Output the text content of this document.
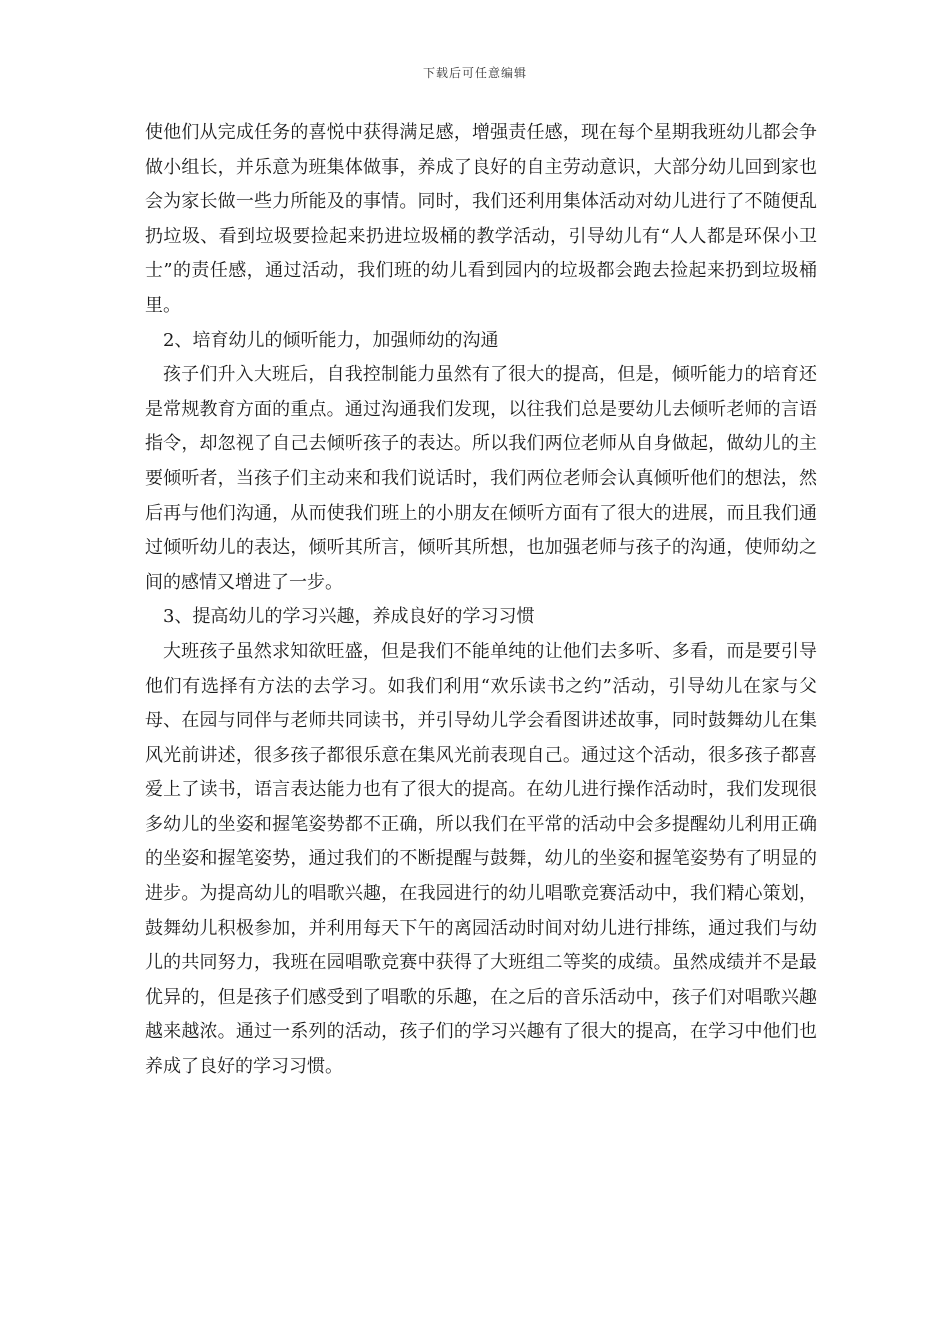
下载后可任意编辑

使他们从完成任务的喜悦中获得满足感，增强责任感，现在每个星期我班幼儿都会争做小组长，并乐意为班集体做事，养成了良好的自主劳动意识，大部分幼儿回到家也会为家长做一些力所能及的事情。同时，我们还利用集体活动对幼儿进行了不随便乱扔垃圾、看到垃圾要捡起来扔进垃圾桶的教学活动，引导幼儿有“人人都是环保小卫士”的责任感，通过活动，我们班的幼儿看到园内的垃圾都会跑去捡起来扔到垃圾桶里。

2、培育幼儿的倾听能力，加强师幼的沟通

孩子们升入大班后，自我控制能力虽然有了很大的提高，但是，倾听能力的培育还是常规教育方面的重点。通过沟通我们发现，以往我们总是要幼儿去倾听老师的言语指令，却忽视了自己去倾听孩子的表达。所以我们两位老师从自身做起，做幼儿的主要倾听者，当孩子们主动来和我们说话时，我们两位老师会认真倾听他们的想法，然后再与他们沟通，从而使我们班上的小朋友在倾听方面有了很大的进展，而且我们通过倾听幼儿的表达，倾听其所言，倾听其所想，也加强老师与孩子的沟通，使师幼之间的感情又增进了一步。

3、提高幼儿的学习兴趣，养成良好的学习习惯

大班孩子虽然求知欲旺盛，但是我们不能单纯的让他们去多听、多看，而是要引导他们有选择有方法的去学习。如我们利用“欢乐读书之约”活动，引导幼儿在家与父母、在园与同伴与老师共同读书，并引导幼儿学会看图讲述故事，同时鼓舞幼儿在集风光前讲述，很多孩子都很乐意在集风光前表现自己。通过这个活动，很多孩子都喜爱上了读书，语言表达能力也有了很大的提高。在幼儿进行操作活动时，我们发现很多幼儿的坐姿和握笔姿势都不正确，所以我们在平常的活动中会多提醒幼儿利用正确的坐姿和握笔姿势，通过我们的不断提醒与鼓舞，幼儿的坐姿和握笔姿势有了明显的进步。为提高幼儿的唱歌兴趣，在我园进行的幼儿唱歌竞赛活动中，我们精心策划，鼓舞幼儿积极参加，并利用每天下午的离园活动时间对幼儿进行排练，通过我们与幼儿的共同努力，我班在园唱歌竞赛中获得了大班组二等奖的成绩。虽然成绩并不是最优异的，但是孩子们感受到了唱歌的乐趣，在之后的音乐活动中，孩子们对唱歌兴趣越来越浓。通过一系列的活动，孩子们的学习兴趣有了很大的提高，在学习中他们也养成了良好的学习习惯。
